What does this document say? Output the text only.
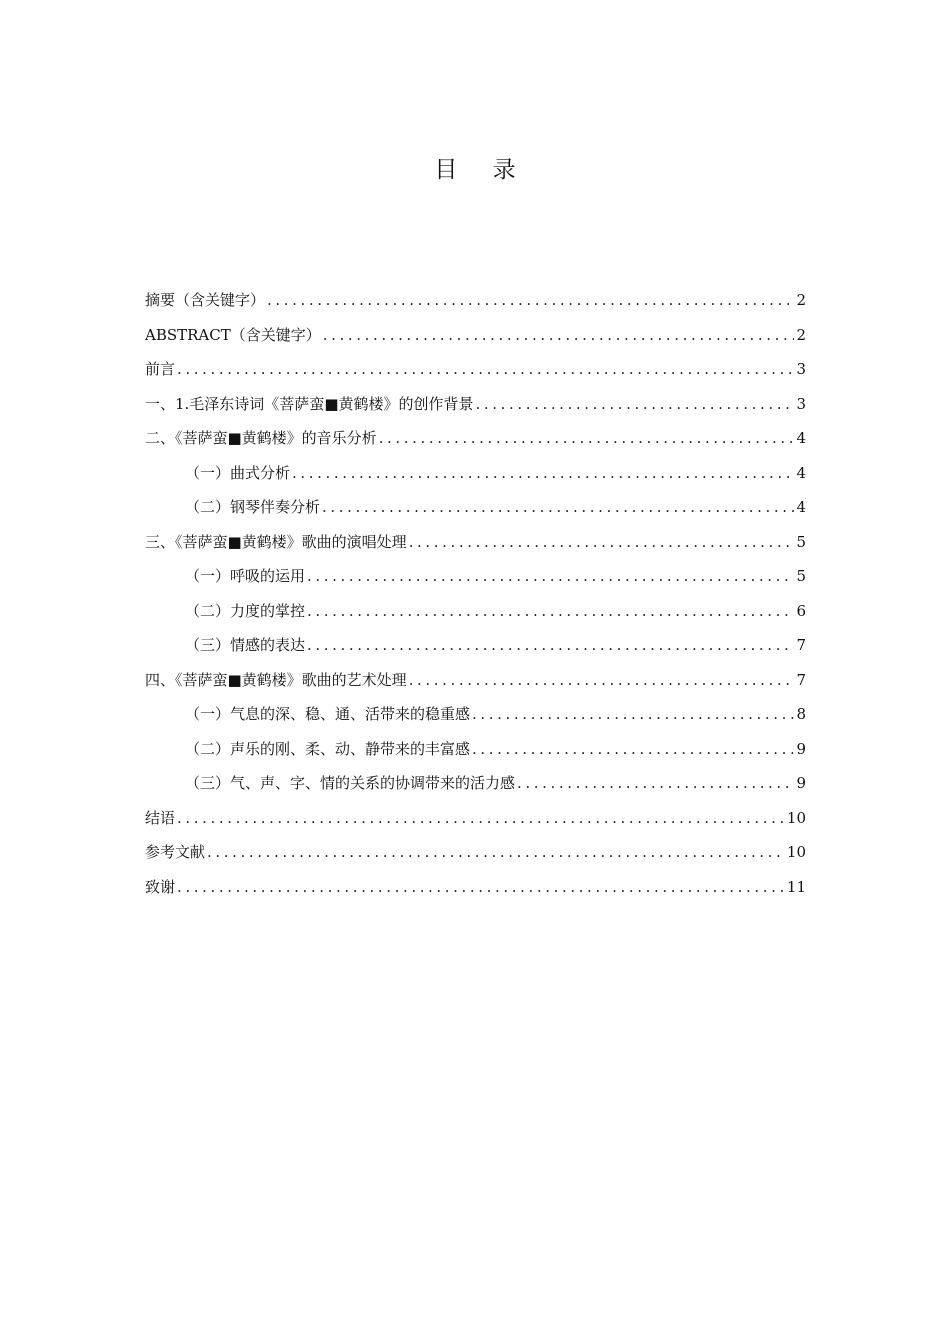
目 录
摘要（含关键字） .....	2
ABSTRACT（含关键字） .....	2
前言 .....	3
一、1.毛泽东诗词《菩萨蛮■黄鹤楼》的创作背景 .....	3
二、《菩萨蛮■黄鹤楼》的音乐分析 .....	4
（一）曲式分析 .....	4
（二）钢琴伴奏分析 .....	4
三、《菩萨蛮■黄鹤楼》歌曲的演唱处理 .....	5
（一）呼吸的运用 .....	5
（二）力度的掌控 .....	6
（三）情感的表达 .....	7
四、《菩萨蛮■黄鹤楼》歌曲的艺术处理 .....	7
（一）气息的深、稳、通、活带来的稳重感 .....	8
（二）声乐的刚、柔、动、静带来的丰富感 .....	9
（三）气、声、字、情的关系的协调带来的活力感 .....	9
结语 .....	10
参考文献 .....	10
致谢 .....	11
